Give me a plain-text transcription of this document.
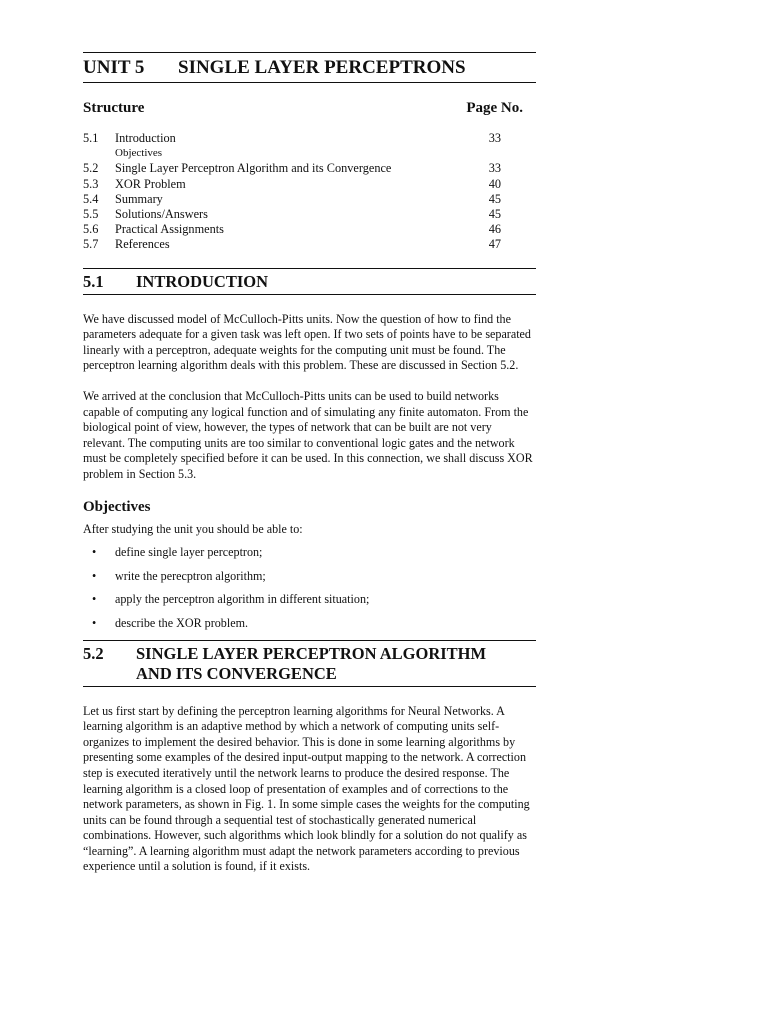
UNIT 5	SINGLE LAYER PERCEPTRONS
Structure	Page No.
5.1	Introduction	33
Objectives
5.2	Single Layer Perceptron Algorithm and its Convergence	33
5.3	XOR Problem	40
5.4	Summary	45
5.5	Solutions/Answers	45
5.6	Practical Assignments	46
5.7	References	47
5.1	INTRODUCTION

We have discussed model of McCulloch-Pitts units. Now the question of how to find the parameters adequate for a given task was left open. If two sets of points have to be separated linearly with a perceptron, adequate weights for the computing unit must be found. The perceptron learning algorithm deals with this problem. These are discussed in Section 5.2.

We arrived at the conclusion that McCulloch-Pitts units can be used to build networks capable of computing any logical function and of simulating any finite automaton. From the biological point of view, however, the types of network that can be built are not very relevant. The computing units are too similar to conventional logic gates and the network must be completely specified before it can be used. In this connection, we shall discuss XOR problem in Section 5.3.

Objectives

After studying the unit you should be able to:

•	define single layer perceptron;
•	write the perecptron algorithm;
•	apply the perceptron algorithm in different situation;
•	describe the XOR problem.
5.2	SINGLE LAYER PERCEPTRON ALGORITHM
AND ITS CONVERGENCE

Let us first start by defining the perceptron learning algorithms for Neural Networks. A learning algorithm is an adaptive method by which a network of computing units self-organizes to implement the desired behavior. This is done in some learning algorithms by presenting some examples of the desired input-output mapping to the network. A correction step is executed iteratively until the network learns to produce the desired response. The learning algorithm is a closed loop of presentation of examples and of corrections to the network parameters, as shown in Fig. 1. In some simple cases the weights for the computing units can be found through a sequential test of stochastically generated numerical combinations. However, such algorithms which look blindly for a solution do not qualify as “learning”. A learning algorithm must adapt the network parameters according to previous experience until a solution is found, if it exists.
